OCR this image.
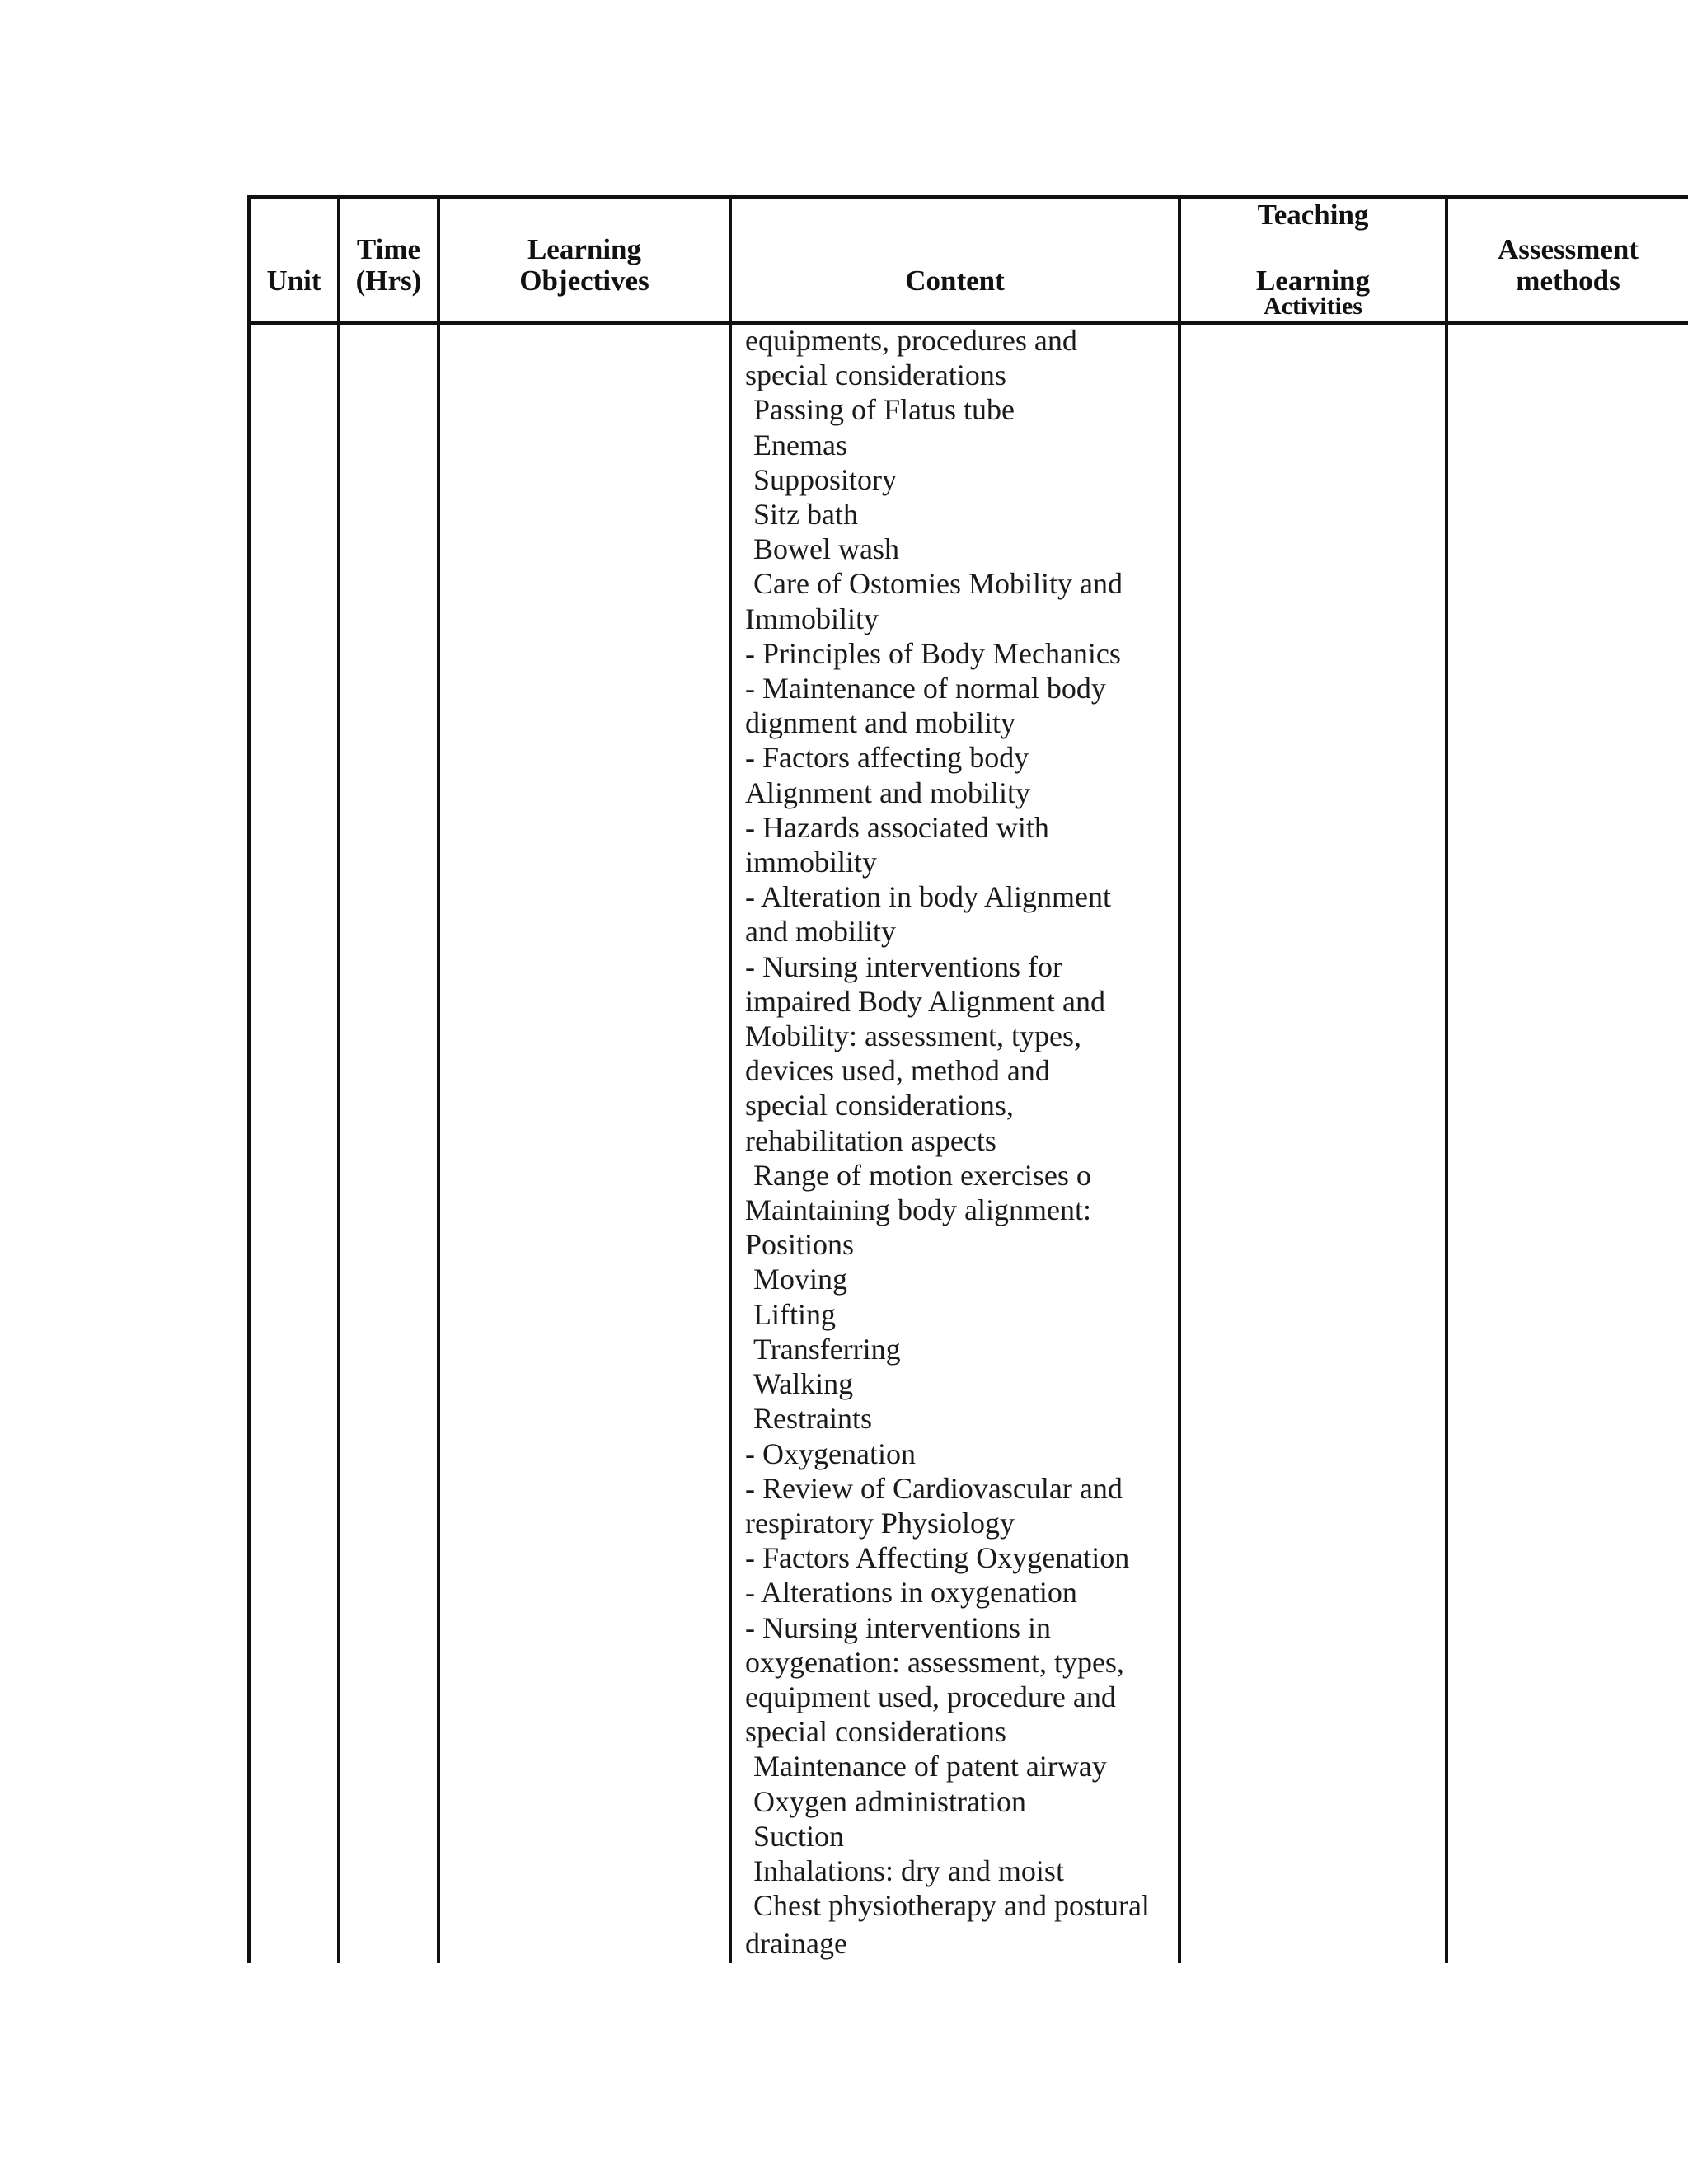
Unit
Time
(Hrs)
Learning
Objectives	Content
Teaching
Learning
Activities
Assessment
methods
equipments, procedures and
special considerations
Passing of Flatus tube
Enemas
Suppository
Sitz bath
Bowel wash
Care of Ostomies Mobility and
Immobility
- Principles of Body Mechanics
- Maintenance of normal body
dignment and mobility
- Factors affecting body
Alignment and mobility
- Hazards associated with
immobility
- Alteration in body Alignment
and mobility
- Nursing interventions for
impaired Body Alignment and
Mobility: assessment, types,
devices used, method and
special considerations,
rehabilitation aspects
Range of motion exercises o
Maintaining body alignment:
Positions
Moving
Lifting
Transferring
Walking
Restraints
- Oxygenation
- Review of Cardiovascular and
respiratory Physiology
- Factors Affecting Oxygenation
- Alterations in oxygenation
- Nursing interventions in
oxygenation: assessment, types,
equipment used, procedure and
special considerations
Maintenance of patent airway
Oxygen administration
Suction
Inhalations: dry and moist
Chest physiotherapy and postural
drainage
